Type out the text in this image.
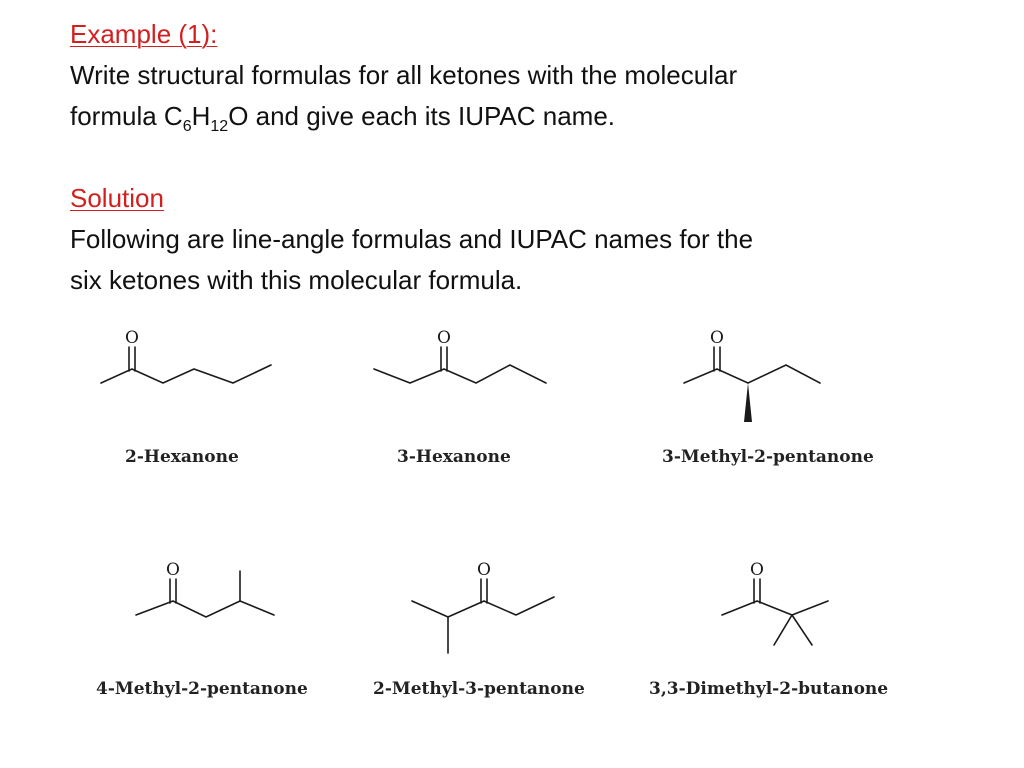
Example (1):
Write structural formulas for all ketones with the molecular
formula $C_6H_{12}O$ and give each its IUPAC name.
Solution
Following are line-angle formulas and IUPAC names for the
six ketones with this molecular formula.
O
2-Hexanone
O
3-Hexanone
O
3-Methyl-2-pentanone
O
4-Methyl-2-pentanone
O
2-Methyl-3-pentanone
O
3,3-Dimethyl-2-butanone
